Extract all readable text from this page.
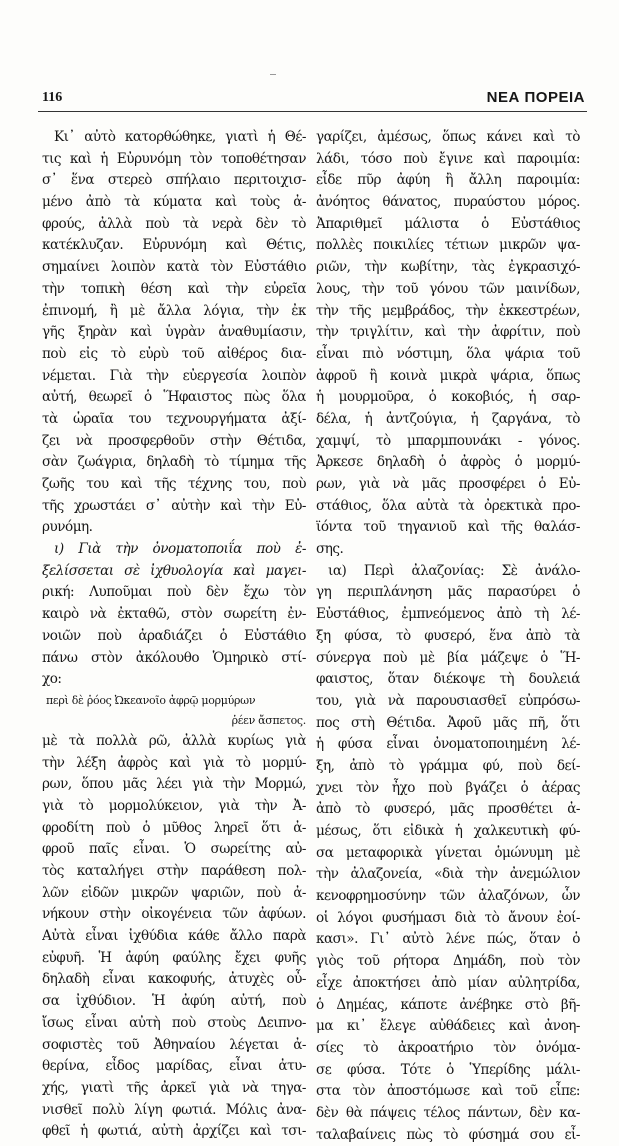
116	ΝΕΑ ΠΟΡΕΙΑ
Κι᾽ αὐτὸ κατορθώθηκε, γιατὶ ἡ Θέ-
τις καὶ ἡ Εὐρυνόμη τὸν τοποθέτησαν
σ᾽ ἕνα στερεὸ σπήλαιο περιτοιχισ-
μένο ἀπὸ τὰ κύματα καὶ τοὺς ἀ-
φρούς, ἀλλὰ ποὺ τὰ νερὰ δὲν τὸ
κατέκλυζαν. Εὐρυνόμη καὶ Θέτις,
σημαίνει λοιπὸν κατὰ τὸν Εὐστάθιο
τὴν τοπικὴ θέση καὶ τὴν εὐρεῖα
ἐπινομή, ἢ μὲ ἄλλα λόγια, τὴν ἐκ
γῆς ξηρὰν καὶ ὑγρὰν ἀναθυμίασιν,
ποὺ εἰς τὸ εὐρὺ τοῦ αἰθέρος δια-
νέμεται. Γιὰ τὴν εὐεργεσία λοιπὸν
αὐτή, θεωρεῖ ὁ Ἥφαιστος πὼς ὅλα
τὰ ὡραῖα του τεχνουργήματα ἀξί-
ζει νὰ προσφερθοῦν στὴν Θέτιδα,
σὰν ζωάγρια, δηλαδὴ τὸ τίμημα τῆς
ζωῆς του καὶ τῆς τέχνης του, ποὺ
τῆς χρωστάει σ᾽ αὐτὴν καὶ τὴν Εὐ-
ρυνόμη.
ι) Γιὰ τὴν ὀνοματοποιΐα ποὺ ἐ-
ξελίσσεται σὲ ἰχθυολογία καὶ μαγει-
ρική: Λυποῦμαι ποὺ δὲν ἔχω τὸν
καιρὸ νὰ ἐκταθῶ, στὸν σωρείτη ἐν-
νοιῶν ποὺ ἀραδιάζει ὁ Εὐστάθιο
πάνω στὸν ἀκόλουθο Ὁμηρικὸ στί-
χο:
περὶ δὲ ῥόος Ὠκεανοῖο ἀφρῷ μορμύρων
ῥέεν ἄσπετος.
μὲ τὰ πολλὰ ρῶ, ἀλλὰ κυρίως γιὰ
τὴν λέξη ἀφρὸς καὶ γιὰ τὸ μορμύ-
ρων, ὅπου μᾶς λέει γιὰ τὴν Μορμώ,
γιὰ τὸ μορμολύκειον, γιὰ τὴν Ἀ-
φροδίτη ποὺ ὁ μῦθος ληρεῖ ὅτι ἀ-
φροῦ παῖς εἶναι. Ὁ σωρείτης αὐ-
τὸς καταλήγει στὴν παράθεση πολ-
λῶν εἰδῶν μικρῶν ψαριῶν, ποὺ ἀ-
νήκουν στὴν οἰκογένεια τῶν ἀφύων.
Αὐτὰ εἶναι ἰχθύδια κάθε ἄλλο παρὰ
εὐφυῆ. Ἡ ἀφύη φαύλης ἔχει φυῆς
δηλαδὴ εἶναι κακοφυής, ἀτυχὲς οὖ-
σα ἰχθύδιον. Ἡ ἀφύη αὐτή, ποὺ
ἴσως εἶναι αὐτὴ ποὺ στοὺς Δειπνο-
σοφιστὲς τοῦ Ἀθηναίου λέγεται ἀ-
θερίνα, εἶδος μαρίδας, εἶναι ἀτυ-
χής, γιατὶ τῆς ἀρκεῖ γιὰ νὰ τηγα-
νισθεῖ πολὺ λίγη φωτιά. Μόλις ἀνα-
φθεῖ ἡ φωτιά, αὐτὴ ἀρχίζει καὶ τσι-
γαρίζει, ἀμέσως, ὅπως κάνει καὶ τὸ
λάδι, τόσο ποὺ ἔγινε καὶ παροιμία:
εἶδε πῦρ ἀφύη ἢ ἄλλη παροιμία:
ἀνόητος θάνατος, πυραύστου μόρος.
Ἀπαριθμεῖ μάλιστα ὁ Εὐστάθιος
πολλὲς ποικιλίες τέτιων μικρῶν ψα-
ριῶν, τὴν κωβίτην, τὰς ἐγκρασιχό-
λους, τὴν τοῦ γόνου τῶν μαινίδων,
τὴν τῆς μεμβράδος, τὴν ἐκκεστρέων,
τὴν τριγλίτιν, καὶ τὴν ἀφρίτιν, ποὺ
εἶναι πιὸ νόστιμη, ὅλα ψάρια τοῦ
ἀφροῦ ἢ κοινὰ μικρὰ ψάρια, ὅπως
ἡ μουρμοῦρα, ὁ κοκοβιός, ἡ σαρ-
δέλα, ἡ ἀντζούγια, ἡ ζαργάνα, τὸ
χαμψί, τὸ μπαρμπουνάκι - γόνος.
Ἀρκεσε δηλαδὴ ὁ ἀφρὸς ὁ μορμύ-
ρων, γιὰ νὰ μᾶς προσφέρει ὁ Εὐ-
στάθιος, ὅλα αὐτὰ τὰ ὀρεκτικὰ προ-
ϊόντα τοῦ τηγανιοῦ καὶ τῆς θαλάσ-
σης.
ια) Περὶ ἀλαζονίας: Σὲ ἀνάλο-
γη περιπλάνηση μᾶς παρασύρει ὁ
Εὐστάθιος, ἐμπνεόμενος ἀπὸ τὴ λέ-
ξη φύσα, τὸ φυσερό, ἕνα ἀπὸ τὰ
σύνεργα ποὺ μὲ βία μάζεψε ὁ Ἥ-
φαιστος, ὅταν διέκοψε τὴ δουλειά
του, γιὰ νὰ παρουσιασθεῖ εὐπρόσω-
πος στὴ Θέτιδα. Ἀφοῦ μᾶς πῆ, ὅτι
ἡ φύσα εἶναι ὀνοματοποιημένη λέ-
ξη, ἀπὸ τὸ γράμμα φύ, ποὺ δεί-
χνει τὸν ἦχο ποὺ βγάζει ὁ ἀέρας
ἀπὸ τὸ φυσερό, μᾶς προσθέτει ἀ-
μέσως, ὅτι εἰδικὰ ἡ χαλκευτικὴ φύ-
σα μεταφορικὰ γίνεται ὁμώνυμη μὲ
τὴν ἀλαζονεία, «διὰ τὴν ἀνεμώλιον
κενοφρημοσύνην τῶν ἀλαζόνων, ὧν
οἱ λόγοι φυσήμασι διὰ τὸ ἄνουν ἐοί-
κασι». Γι᾽ αὐτὸ λένε πώς, ὅταν ὁ
γιὸς τοῦ ρήτορα Δημάδη, ποὺ τὸν
εἶχε ἀποκτήσει ἀπὸ μίαν αὐλητρίδα,
ὁ Δημέας, κάποτε ἀνέβηκε στὸ βῆ-
μα κι᾽ ἔλεγε αὐθάδειες καὶ ἀνοη-
σίες τὸ ἀκροατήριο τὸν ὀνόμα-
σε φύσα. Τότε ὁ Ὑπερίδης μάλι-
στα τὸν ἀποστόμωσε καὶ τοῦ εἶπε:
δὲν θὰ πάψεις τέλος πάντων, δὲν κα-
ταλαβαίνεις πὼς τὸ φύσημά σου εἶ-
